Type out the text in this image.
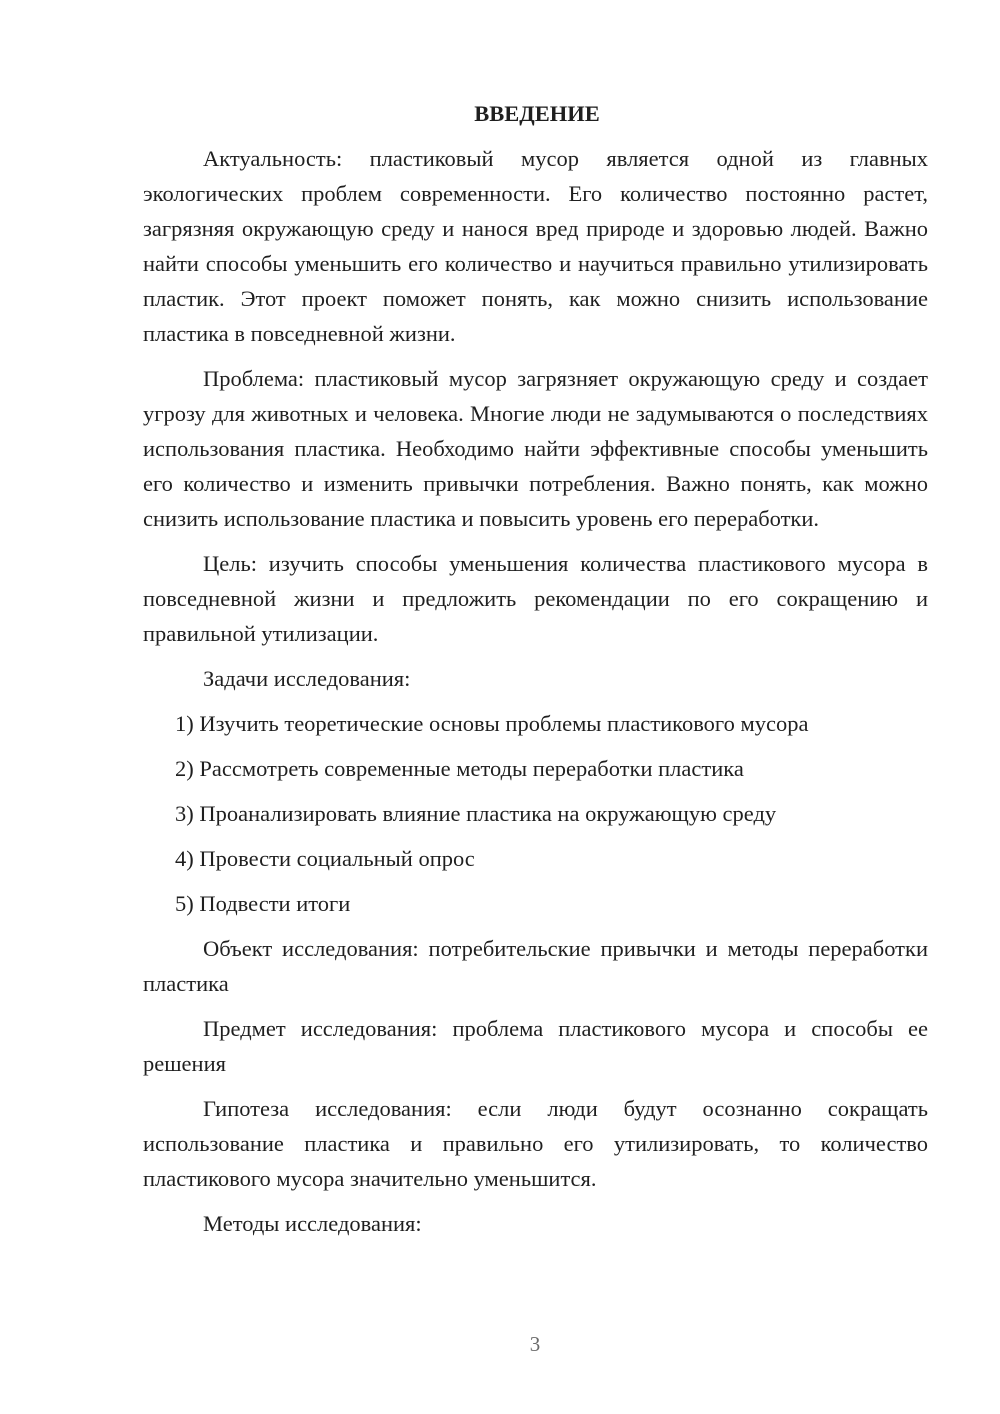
ВВЕДЕНИЕ

Актуальность: пластиковый мусор является одной из главных экологических проблем современности. Его количество постоянно растет, загрязняя окружающую среду и нанося вред природе и здоровью людей. Важно найти способы уменьшить его количество и научиться правильно утилизировать пластик. Этот проект поможет понять, как можно снизить использование пластика в повседневной жизни.

Проблема: пластиковый мусор загрязняет окружающую среду и создает угрозу для животных и человека. Многие люди не задумываются о последствиях использования пластика. Необходимо найти эффективные способы уменьшить его количество и изменить привычки потребления. Важно понять, как можно снизить использование пластика и повысить уровень его переработки.

Цель: изучить способы уменьшения количества пластикового мусора в повседневной жизни и предложить рекомендации по его сокращению и правильной утилизации.

Задачи исследования:

1) Изучить теоретические основы проблемы пластикового мусора
2) Рассмотреть современные методы переработки пластика
3) Проанализировать влияние пластика на окружающую среду
4) Провести социальный опрос
5) Подвести итоги

Объект исследования: потребительские привычки и методы переработки пластика

Предмет исследования: проблема пластикового мусора и способы ее решения

Гипотеза исследования: если люди будут осознанно сокращать использование пластика и правильно его утилизировать, то количество пластикового мусора значительно уменьшится.

Методы исследования:

3
